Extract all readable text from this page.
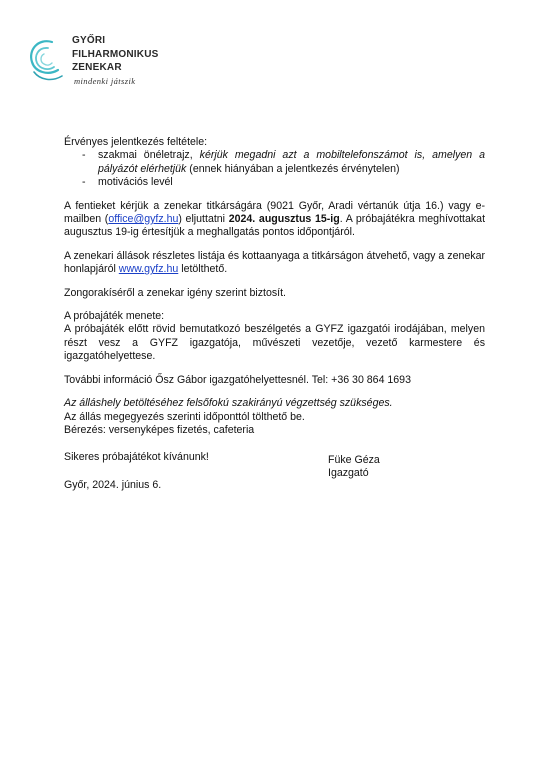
GYŐRI
FILHARMONIKUS
ZENEKAR
mindenki játszik

Érvényes jelentkezés feltétele:

- szakmai önéletrajz, kérjük megadni azt a mobiltelefonszámot is, amelyen a pályázót elérhetjük (ennek hiányában a jelentkezés érvénytelen)
- motivációs levél

A fentieket kérjük a zenekar titkárságára (9021 Győr, Aradi vértanúk útja 16.) vagy e-mailben (office@gyfz.hu) eljuttatni 2024. augusztus 15-ig. A próbajátékra meghívottakat augusztus 19-ig értesítjük a meghallgatás pontos időpontjáról.

A zenekari állások részletes listája és kottaanyaga a titkárságon átvehető, vagy a zenekar honlapjáról www.gyfz.hu letölthető.

Zongorakíséről a zenekar igény szerint biztosít.

A próbajáték menete:

A próbajáték előtt rövid bemutatkozó beszélgetés a GYFZ igazgatói irodájában, melyen részt vesz a GYFZ igazgatója, művészeti vezetője, vezető karmestere és igazgatóhelyettese.

További információ Ősz Gábor igazgatóhelyettesnél. Tel: +36 30 864 1693

Az álláshely betöltéséhez felsőfokú szakirányú végzettség szükséges.

Az állás megegyezés szerinti időponttól tölthető be.

Bérezés: versenyképes fizetés, cafeteria

Sikeres próbajátékot kívánunk!

Győr, 2024. június 6.

Füke Géza
Igazgató
